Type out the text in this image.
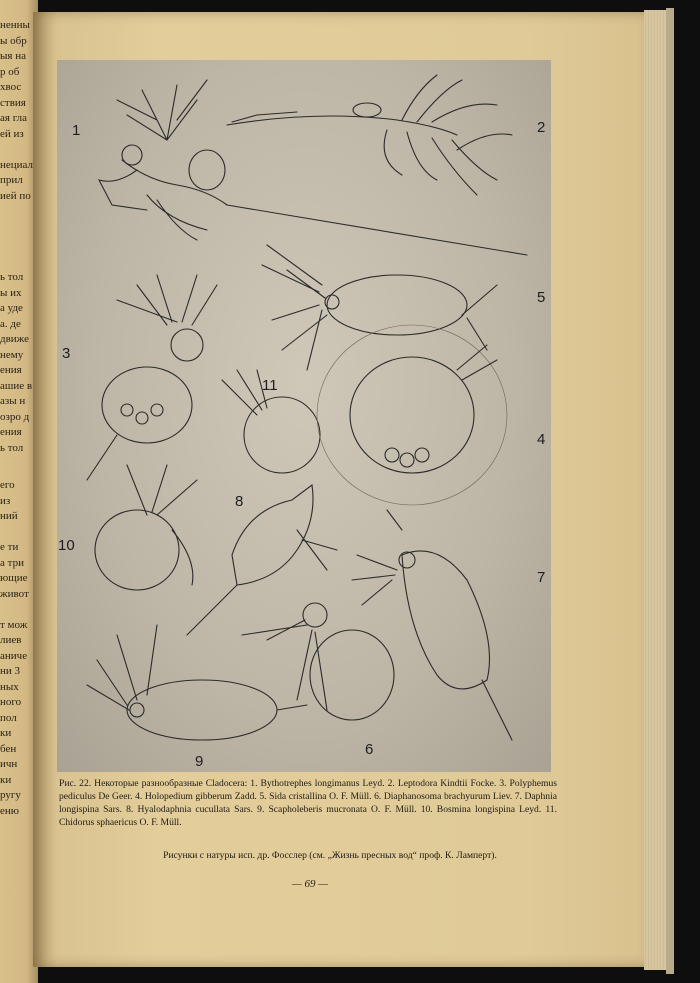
ненны
ы обр
ыя на
р об
хвос
ствия
ая гла
ей из

нециал
прил
ией по
ь тол
ы их
а уде
а. де
движе
нему
ения
ашие в
азы н
озро д
ения
ь тол
его
из
ний

е ти
а три
ющие
живот

т мож
лиев
аниче
ни 3
ных
ного
пол
ки
бен
ичн
ки
ругу
еню
1	2
3
4
5
6
7
8
9
10
11

Рис. 22. Некоторые разнообразные Cladocera: 1. Bythotrephes longimanus Leyd. 2. Leptodora Kindtii Focke. 3. Polyphemus pediculus De Geer. 4. Holopedium gibberum Zadd. 5. Sida cristallina O. F. Müll. 6. Diaphanosoma brachyurum Liev. 7. Daphnia longispina Sars. 8. Hyalodaphnia cucullata Sars. 9. Scapholeberis mucronata O. F. Müll. 10. Bosmina longispina Leyd. 11. Chidorus sphaericus O. F. Müll.

Рисунки с натуры исп. др. Фосслер (см. „Жизнь пресных вод“ проф. К. Ламперт).
— 69 —
